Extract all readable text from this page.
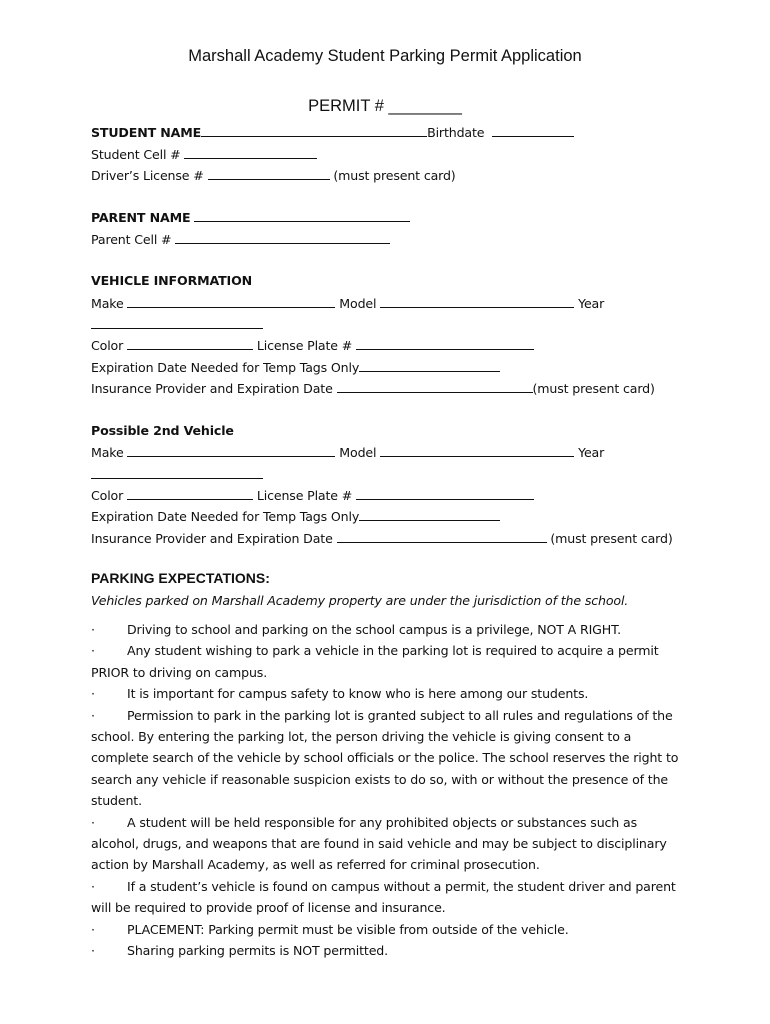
Marshall Academy Student Parking Permit Application
PERMIT # ________
STUDENT NAME	Birthdate
Student Cell #
Driver’s License #	(must present card)
PARENT NAME
Parent Cell #
VEHICLE INFORMATION
Make	Model	Year
Color	License Plate #
Expiration Date Needed for Temp Tags Only
Insurance Provider and Expiration Date	(must present card)
Possible 2nd Vehicle
Make	Model	Year
Color	License Plate #
Expiration Date Needed for Temp Tags Only
Insurance Provider and Expiration Date	(must present card)
PARKING EXPECTATIONS:
Vehicles parked on Marshall Academy property are under the jurisdiction of the school.
·	Driving to school and parking on the school campus is a privilege, NOT A RIGHT.
·	Any student wishing to park a vehicle in the parking lot is required to acquire a permit
PRIOR to driving on campus.
·	It is important for campus safety to know who is here among our students.
·	Permission to park in the parking lot is granted subject to all rules and regulations of the
school. By entering the parking lot, the person driving the vehicle is giving consent to a
complete search of the vehicle by school officials or the police. The school reserves the right to
search any vehicle if reasonable suspicion exists to do so, with or without the presence of the
student.
·	A student will be held responsible for any prohibited objects or substances such as
alcohol, drugs, and weapons that are found in said vehicle and may be subject to disciplinary
action by Marshall Academy, as well as referred for criminal prosecution.
·	If a student’s vehicle is found on campus without a permit, the student driver and parent
will be required to provide proof of license and insurance.
·	PLACEMENT: Parking permit must be visible from outside of the vehicle.
·	Sharing parking permits is NOT permitted.
